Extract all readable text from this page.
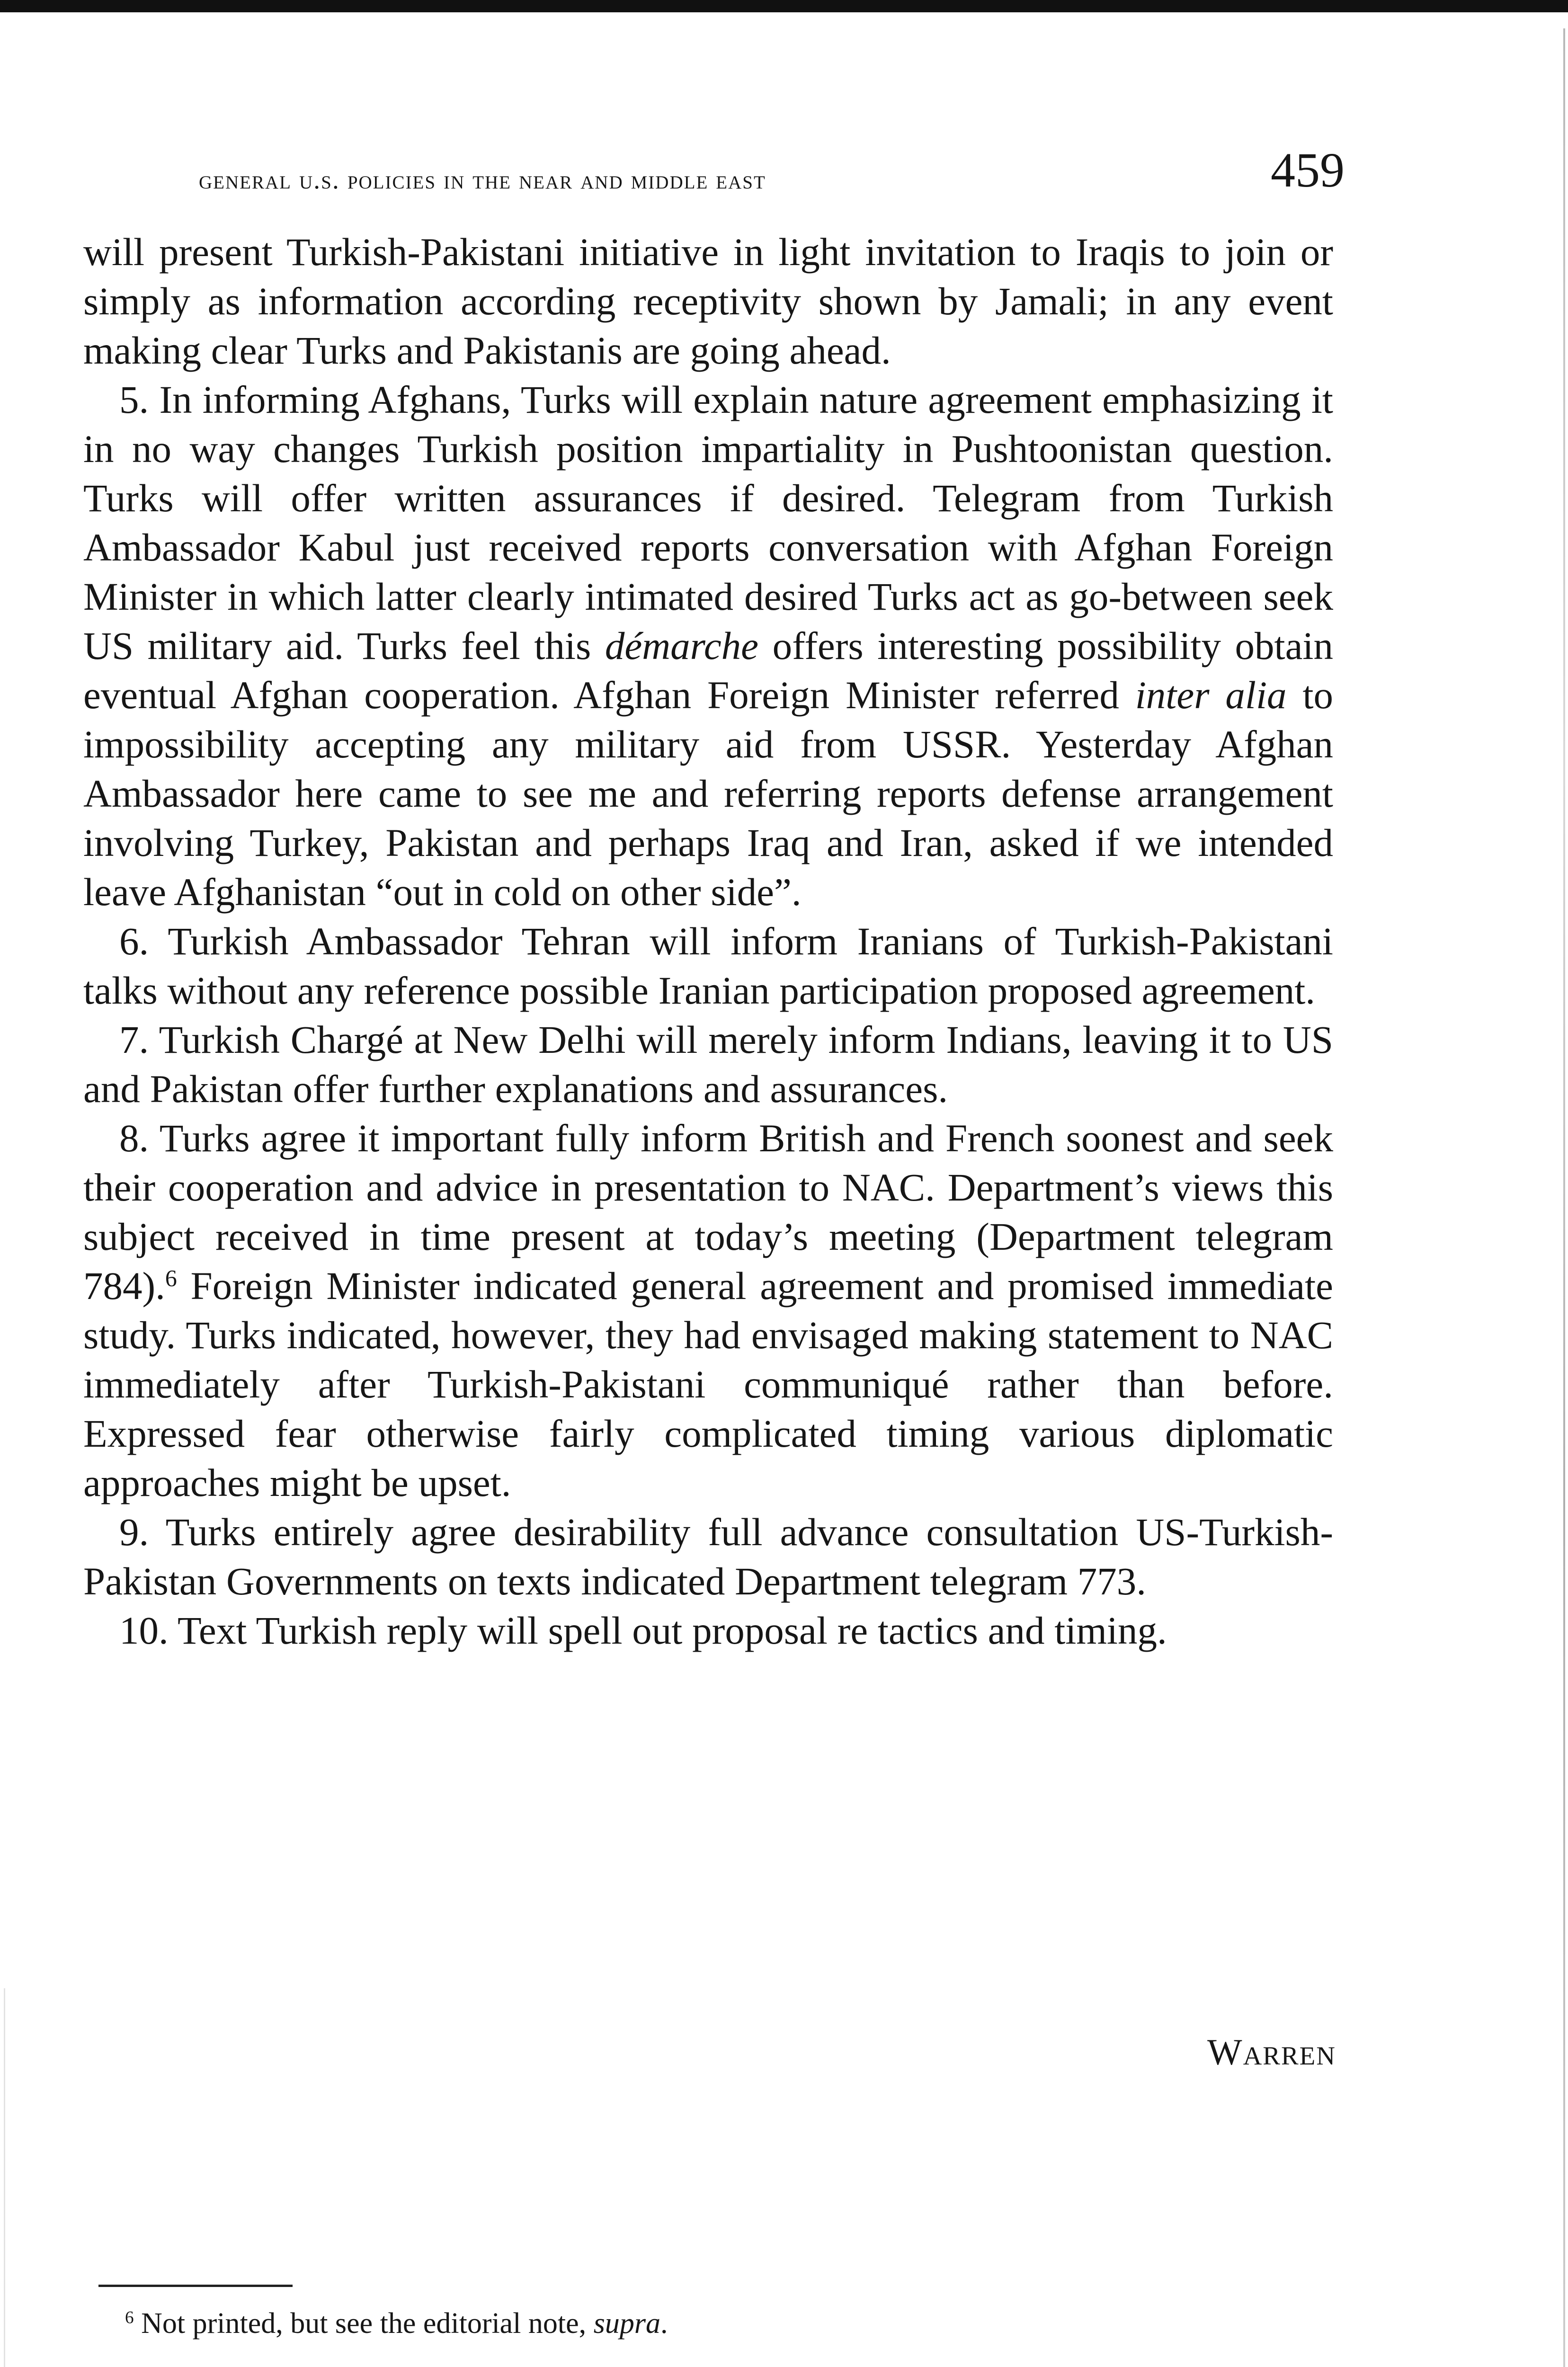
general u.s. policies in the near and middle east	459

will present Turkish-Pakistani initiative in light invitation to Iraqis to join or simply as information according receptivity shown by Jamali; in any event making clear Turks and Pakistanis are going ahead.

5. In informing Afghans, Turks will explain nature agreement emphasizing it in no way changes Turkish position impartiality in Pushtoonistan question. Turks will offer written assurances if desired. Telegram from Turkish Ambassador Kabul just received reports conversation with Afghan Foreign Minister in which latter clearly intimated desired Turks act as go-between seek US military aid. Turks feel this démarche offers interesting possibility obtain eventual Afghan cooperation. Afghan Foreign Minister referred inter alia to impossibility accepting any military aid from USSR. Yesterday Afghan Ambassador here came to see me and referring reports defense arrangement involving Turkey, Pakistan and perhaps Iraq and Iran, asked if we intended leave Afghanistan “out in cold on other side”.

6. Turkish Ambassador Tehran will inform Iranians of Turkish-Pakistani talks without any reference possible Iranian participation proposed agreement.

7. Turkish Chargé at New Delhi will merely inform Indians, leaving it to US and Pakistan offer further explanations and assurances.

8. Turks agree it important fully inform British and French soonest and seek their cooperation and advice in presentation to NAC. Department’s views this subject received in time present at today’s meeting (Department telegram 784).$^6$ Foreign Minister indicated general agreement and promised immediate study. Turks indicated, however, they had envisaged making statement to NAC immediately after Turkish-Pakistani communiqué rather than before. Expressed fear otherwise fairly complicated timing various diplomatic approaches might be upset.

9. Turks entirely agree desirability full advance consultation US-Turkish-Pakistan Governments on texts indicated Department telegram 773.

10. Text Turkish reply will spell out proposal re tactics and timing.

Warren
$^6$ Not printed, but see the editorial note, supra.
